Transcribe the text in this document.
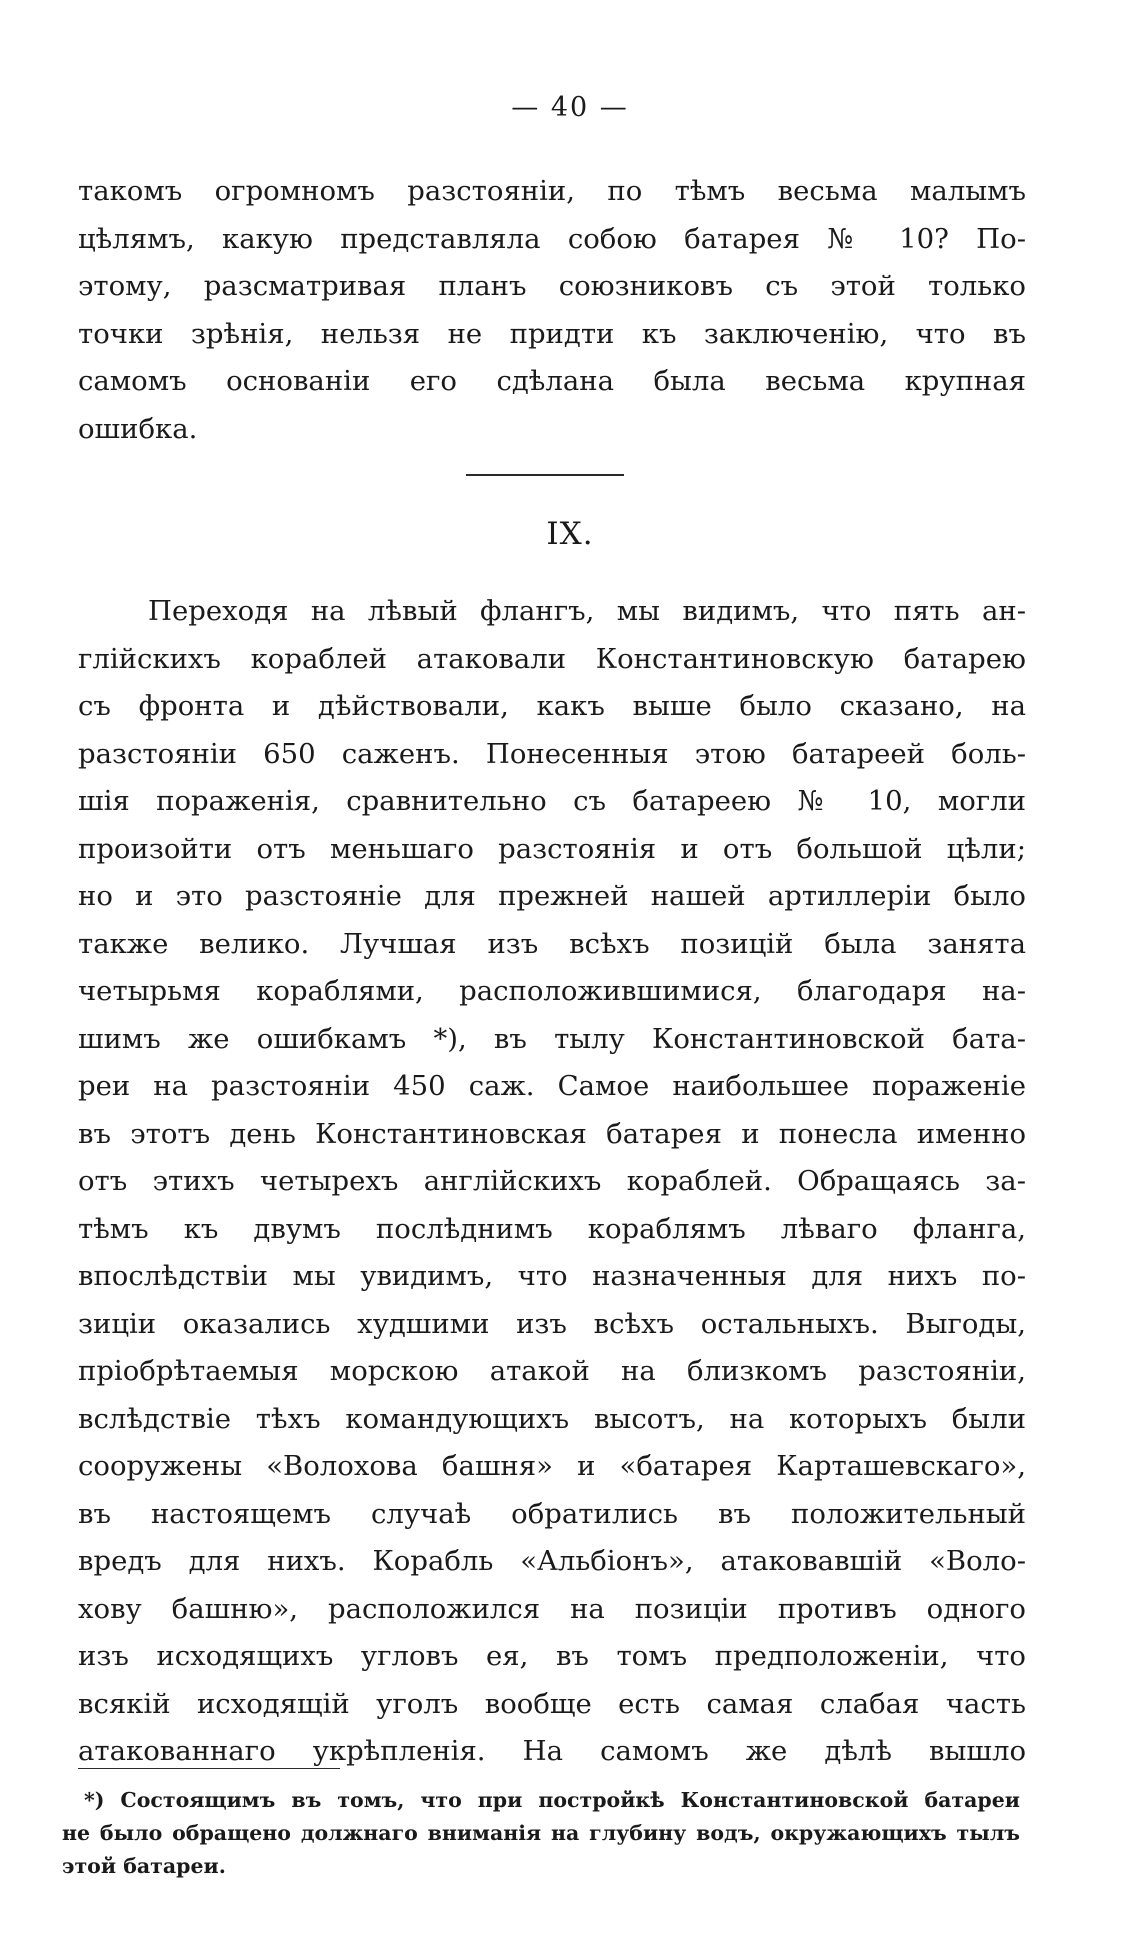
— 40 —
такомъ огромномъ разстояніи, по тѣмъ весьма малымъ
цѣлямъ, какую представляла собою батарея № 10? По-
этому, разсматривая планъ союзниковъ съ этой только
точки зрѣнія, нельзя не придти къ заключенію, что въ
самомъ основаніи его сдѣлана была весьма крупная
ошибка.
IX.
Переходя на лѣвый флангъ, мы видимъ, что пять ан-
глійскихъ кораблей атаковали Константиновскую батарею
съ фронта и дѣйствовали, какъ выше было сказано, на
разстояніи 650 саженъ. Понесенныя этою батареей боль-
шія пораженія, сравнительно съ батареею № 10, могли
произойти отъ меньшаго разстоянія и отъ большой цѣли;
но и это разстояніе для прежней нашей артиллеріи было
также велико. Лучшая изъ всѣхъ позицій была занята
четырьмя кораблями, расположившимися, благодаря на-
шимъ же ошибкамъ *), въ тылу Константиновской бата-
реи на разстояніи 450 саж. Самое наибольшее пораженіе
въ этотъ день Константиновская батарея и понесла именно
отъ этихъ четырехъ англійскихъ кораблей. Обращаясь за-
тѣмъ къ двумъ послѣднимъ кораблямъ лѣваго фланга,
впослѣдствіи мы увидимъ, что назначенныя для нихъ по-
зиціи оказались худшими изъ всѣхъ остальныхъ. Выгоды,
пріобрѣтаемыя морскою атакой на близкомъ разстояніи,
вслѣдствіе тѣхъ командующихъ высотъ, на которыхъ были
сооружены «Волохова башня» и «батарея Карташевскаго»,
въ настоящемъ случаѣ обратились въ положительный
вредъ для нихъ. Корабль «Альбіонъ», атаковавшій «Воло-
хову башню», расположился на позиціи противъ одного
изъ исходящихъ угловъ ея, въ томъ предположеніи, что
всякій исходящій уголъ вообще есть самая слабая часть
атакованнаго укрѣпленія. На самомъ же дѣлѣ вышло
*) Состоящимъ въ томъ, что при постройкѣ Константиновской батареи
не было обращено должнаго вниманія на глубину водъ, окружающихъ тылъ
этой батареи.
